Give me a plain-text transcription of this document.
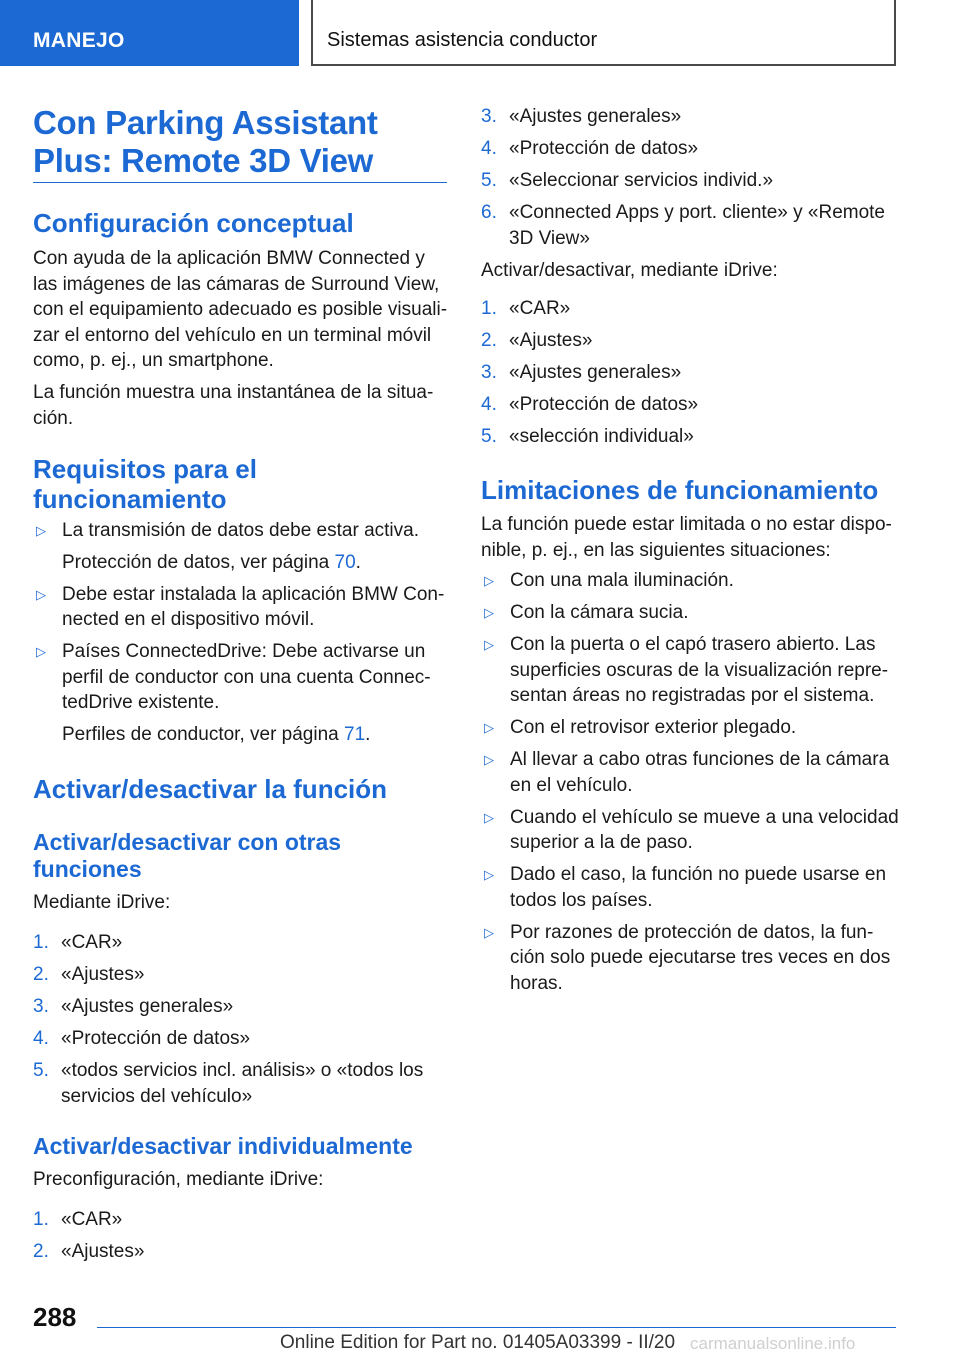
MANEJO	Sistemas asistencia conductor
Con Parking Assistant Plus: Remote 3D View
Configuración conceptual
Con ayuda de la aplicación BMW Connected y
las imágenes de las cámaras de Surround View,
con el equipamiento adecuado es posible visuali‐
zar el entorno del vehículo en un terminal móvil
como, p. ej., un smartphone.
La función muestra una instantánea de la situa‐
ción.
Requisitos para el
funcionamiento
▷ La transmisión de datos debe estar activa.
Protección de datos, ver página 70.
▷ Debe estar instalada la aplicación BMW Con‐
nected en el dispositivo móvil.
▷ Países ConnectedDrive: Debe activarse un
perfil de conductor con una cuenta Connec‐
tedDrive existente.
Perfiles de conductor, ver página 71.
Activar/desactivar la función
Activar/desactivar con otras
funciones
Mediante iDrive:
1. «CAR»
2. «Ajustes»
3. «Ajustes generales»
4. «Protección de datos»
5. «todos servicios incl. análisis» o «todos los
servicios del vehículo»
Activar/desactivar individualmente
Preconfiguración, mediante iDrive:
1. «CAR»
2. «Ajustes»
3. «Ajustes generales»
4. «Protección de datos»
5. «Seleccionar servicios individ.»
6. «Connected Apps y port. cliente» y «Remote
3D View»
Activar/desactivar, mediante iDrive:
1. «CAR»
2. «Ajustes»
3. «Ajustes generales»
4. «Protección de datos»
5. «selección individual»
Limitaciones de funcionamiento
La función puede estar limitada o no estar dispo‐
nible, p. ej., en las siguientes situaciones:
▷ Con una mala iluminación.
▷ Con la cámara sucia.
▷ Con la puerta o el capó trasero abierto. Las
superficies oscuras de la visualización repre‐
sentan áreas no registradas por el sistema.
▷ Con el retrovisor exterior plegado.
▷ Al llevar a cabo otras funciones de la cámara
en el vehículo.
▷ Cuando el vehículo se mueve a una velocidad
superior a la de paso.
▷ Dado el caso, la función no puede usarse en
todos los países.
▷ Por razones de protección de datos, la fun‐
ción solo puede ejecutarse tres veces en dos
horas.
288
Online Edition for Part no. 01405A03399 - II/20 carmanualsonline.info
